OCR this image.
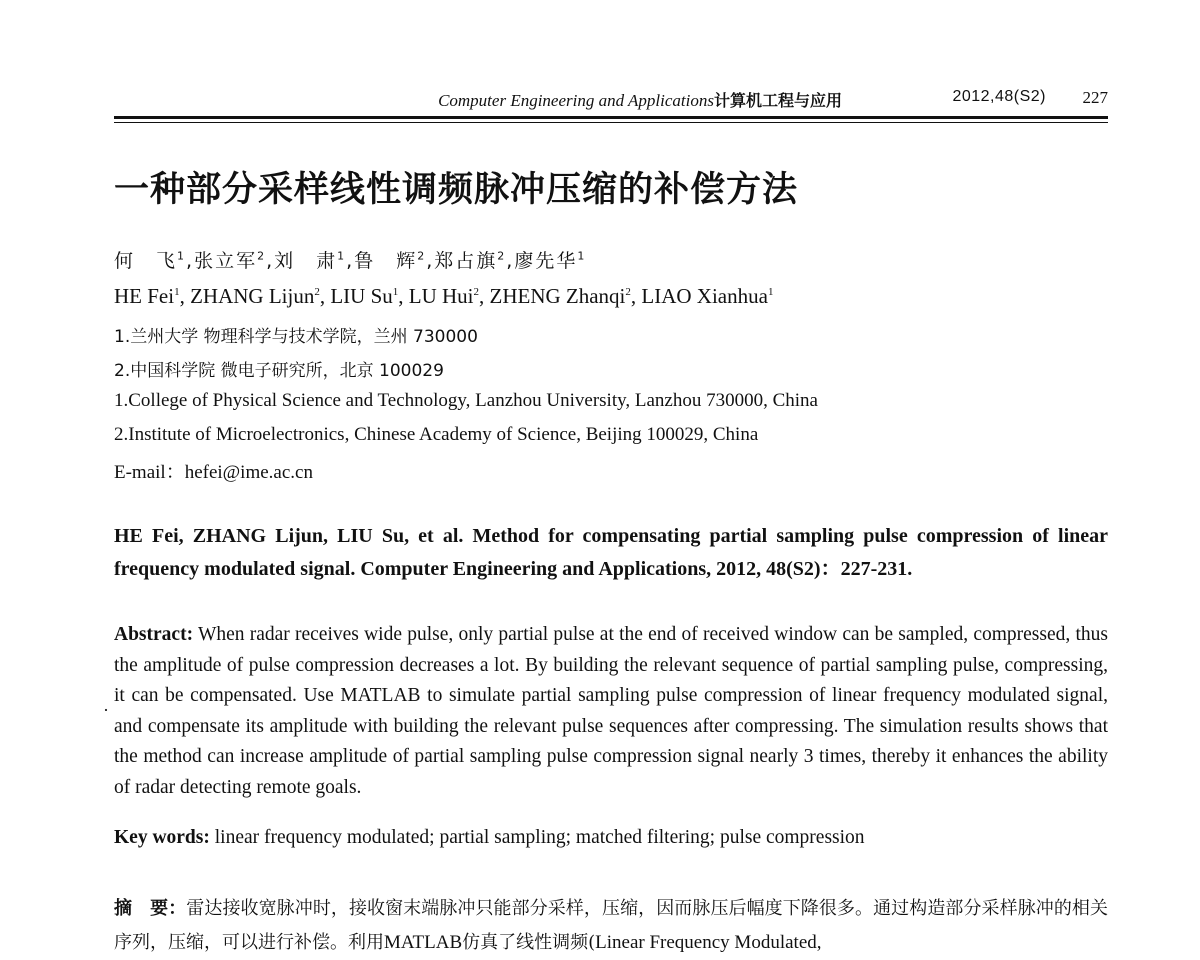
Computer Engineering and Applications计算机工程与应用	2012,48(S2) 227
一种部分采样线性调频脉冲压缩的补偿方法
何　飞$^1$,张立军$^2$,刘　肃$^1$,鲁　辉$^2$,郑占旗$^2$,廖先华$^1$
HE Fei$^1$, ZHANG Lijun$^2$, LIU Su$^1$, LU Hui$^2$, ZHENG Zhanqi$^2$, LIAO Xianhua$^1$
1.兰州大学 物理科学与技术学院，兰州 730000
2.中国科学院 微电子研究所，北京 100029
1.College of Physical Science and Technology, Lanzhou University, Lanzhou 730000, China
2.Institute of Microelectronics, Chinese Academy of Science, Beijing 100029, China
E-mail：hefei@ime.ac.cn
HE Fei, ZHANG Lijun, LIU Su, et al. Method for compensating partial sampling pulse compression of linear frequency modulated signal. Computer Engineering and Applications, 2012, 48(S2)：227-231.
·
Abstract: When radar receives wide pulse, only partial pulse at the end of received window can be sampled, compressed, thus the amplitude of pulse compression decreases a lot. By building the relevant sequence of partial sampling pulse, compressing, it can be compensated. Use MATLAB to simulate partial sampling pulse compression of linear frequency modulated signal, and compensate its amplitude with building the relevant pulse sequences after compressing. The simulation results shows that the method can increase amplitude of partial sampling pulse compression signal nearly 3 times, thereby it enhances the ability of radar detecting remote goals.
Key words: linear frequency modulated; partial sampling; matched filtering; pulse compression
摘　要：雷达接收宽脉冲时，接收窗末端脉冲只能部分采样，压缩，因而脉压后幅度下降很多。通过构造部分采样脉冲的相关序列，压缩，可以进行补偿。利用MATLAB仿真了线性调频(Linear Frequency Modulated,
